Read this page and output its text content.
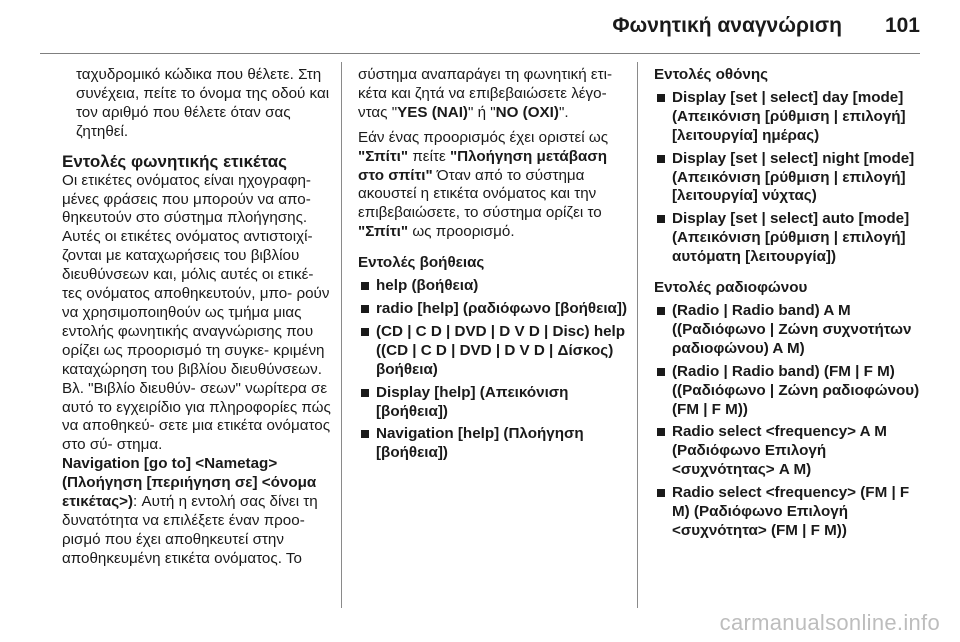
Φωνητική αναγνώριση 101

ταχυδρομικό κώδικα που θέλετε. Στη συνέχεια, πείτε το όνομα της οδού και τον αριθμό που θέλετε όταν σας ζητηθεί.

Εντολές φωνητικής ετικέτας

Οι ετικέτες ονόματος είναι ηχογραφη- μένες φράσεις που μπορούν να απο- θηκευτούν στο σύστημα πλοήγησης. Αυτές οι ετικέτες ονόματος αντιστοιχί- ζονται με καταχωρήσεις του βιβλίου διευθύνσεων και, μόλις αυτές οι ετικέ- τες ονόματος αποθηκευτούν, μπο- ρούν να χρησιμοποιηθούν ως τμήμα μιας εντολής φωνητικής αναγνώρισης που ορίζει ως προορισμό τη συγκε- κριμένη καταχώρηση του βιβλίου διευθύνσεων. Βλ. "Βιβλίο διευθύν- σεων" νωρίτερα σε αυτό το εγχειρίδιο για πληροφορίες πώς να αποθηκεύ- σετε μια ετικέτα ονόματος στο σύ- στημα.

Navigation [go to] <Nametag> (Πλοήγηση [περιήγηση σε] <όνομα ετικέτας>): Αυτή η εντολή σας δίνει τη δυνατότητα να επιλέξετε έναν προο- ρισμό που έχει αποθηκευτεί στην αποθηκευμένη ετικέτα ονόματος. Το

σύστημα αναπαράγει τη φωνητική ετι- κέτα και ζητά να επιβεβαιώσετε λέγο- ντας "YES (ΝΑΙ)" ή "NO (ΟΧΙ)".

Εάν ένας προορισμός έχει οριστεί ως "Σπίτι" πείτε "Πλοήγηση μετάβαση στο σπίτι" Όταν από το σύστημα ακουστεί η ετικέτα ονόματος και την επιβεβαιώσετε, το σύστημα ορίζει το "Σπίτι" ως προορισμό.

Εντολές βοήθειας

help (βοήθεια)
radio [help] (ραδιόφωνο [βοήθεια])
(CD | C D | DVD | D V D | Disc) help ((CD | C D | DVD | D V D | Δίσκος) βοήθεια)
Display [help] (Απεικόνιση [βοήθεια])
Navigation [help] (Πλοήγηση [βοήθεια])

Εντολές οθόνης

Display [set | select] day [mode] (Απεικόνιση [ρύθμιση | επιλογή] [λειτουργία] ημέρας)
Display [set | select] night [mode] (Απεικόνιση [ρύθμιση | επιλογή] [λειτουργία] νύχτας)
Display [set | select] auto [mode] (Απεικόνιση [ρύθμιση | επιλογή] αυτόματη [λειτουργία])

Εντολές ραδιοφώνου

(Radio | Radio band) A M ((Ραδιόφωνο | Ζώνη συχνοτήτων ραδιοφώνου) A M)
(Radio | Radio band) (FM | F M) ((Ραδιόφωνο | Ζώνη ραδιοφώνου) (FM | F M))
Radio select <frequency> A M (Ραδιόφωνο Επιλογή <συχνότητας> A M)
Radio select <frequency> (FM | F M) (Ραδιόφωνο Επιλογή <συχνότητα> (FM | F M))
carmanualsonline.info
